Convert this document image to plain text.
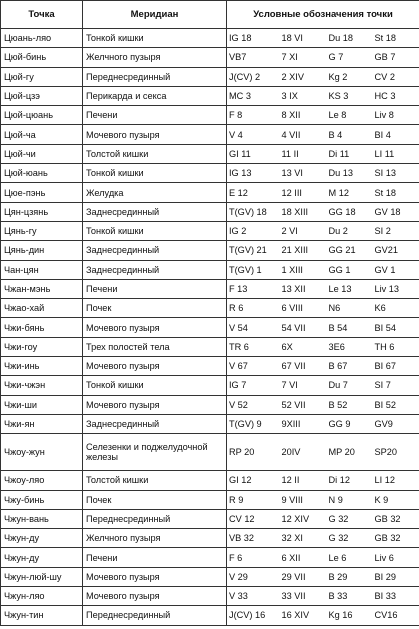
Точка	Меридиан	Условные обозначения точки			
Цюань-ляо	Тонкой кишки	IG 18	18 VI	Du 18	St 18
Цюй-бинь	Желчного пузыря	VB7	7 XI	G 7	GB 7
Цюй-гу	Переднесрединный	J(CV) 2	2 XIV	Kg 2	CV 2
Цюй-цзэ	Перикарда и секса	MC 3	3 IX	KS 3	HC 3
Цюй-цюань	Печени	F 8	8 XII	Le 8	Liv 8
Цюй-ча	Мочевого пузыря	V 4	4 VII	B 4	BI 4
Цюй-чи	Толстой кишки	GI 11	11 II	Di 11	LI 11
Цюй-юань	Тонкой кишки	IG 13	13 VI	Du 13	SI 13
Цюе-пэнь	Желудка	E 12	12 III	M 12	St 18
Цян-цзянь	Заднесрединный	T(GV) 18	18 XIII	GG 18	GV 18
Цянь-гу	Тонкой кишки	IG 2	2 VI	Du 2	SI 2
Цянь-дин	Заднесрединный	T(GV) 21	21 XIII	GG 21	GV21
Чан-цян	Заднесрединный	T(GV) 1	1 XIII	GG 1	GV 1
Чжан-мэнь	Печени	F 13	13 XII	Le 13	Liv 13
Чжао-хай	Почек	R 6	6 VIII	N6	K6
Чжи-бянь	Мочевого пузыря	V 54	54 VII	B 54	BI 54
Чжи-гоу	Трех полостей тела	TR 6	6X	3E6	TH 6
Чжи-инь	Мочевого пузыря	V 67	67 VII	B 67	BI 67
Чжи-чжэн	Тонкой кишки	IG 7	7 VI	Du 7	SI 7
Чжи-ши	Мочевого пузыря	V 52	52 VII	B 52	BI 52
Чжи-ян	Заднесрединный	T(GV) 9	9XIII	GG 9	GV9
Чжоу-жун	Селезенки и поджелудочной железы	RP 20	20IV	MP 20	SP20
Чжоу-ляо	Толстой кишки	GI 12	12 II	Di 12	LI 12
Чжу-бинь	Почек	R 9	9 VIII	N 9	K 9
Чжун-вань	Переднесрединный	CV 12	12 XIV	G 32	GB 32
Чжун-ду	Желчного пузыря	VB 32	32 XI	G 32	GB 32
Чжун-ду	Печени	F 6	6 XII	Le 6	Liv 6
Чжун-люй-шу	Мочевого пузыря	V 29	29 VII	B 29	BI 29
Чжун-ляо	Мочевого пузыря	V 33	33 VII	B 33	BI 33
Чжун-тин	Переднесрединный	J(CV) 16	16 XIV	Kg 16	CV16
